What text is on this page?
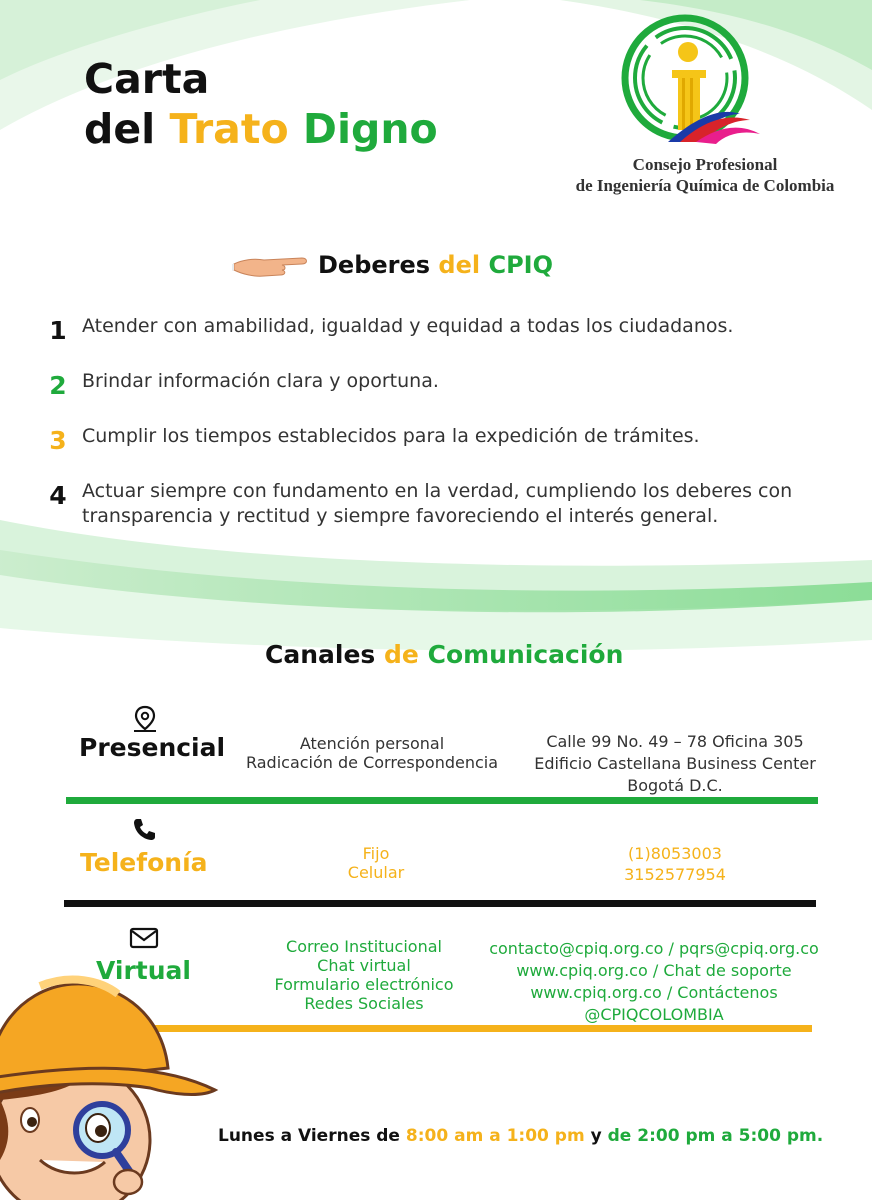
Carta
del Trato Digno
Consejo Profesional
de Ingeniería Química de Colombia
Deberes del CPIQ
1 Atender con amabilidad, igualdad y equidad a todas los ciudadanos.
2 Brindar información clara y oportuna.
3 Cumplir los tiempos establecidos para la expedición de trámites.
4 Actuar siempre con fundamento en la verdad, cumpliendo los deberes con transparencia y rectitud y siempre favoreciendo el interés general.
Canales de Comunicación
Presencial	Atención personal
Radicación de Correspondencia
Calle 99 No. 49 – 78 Oficina 305
Edificio Castellana Business Center
Bogotá D.C.
Telefonía	Fijo
Celular
(1)8053003
3152577954
Virtual
Correo Institucional
Chat virtual
Formulario electrónico
Redes Sociales
contacto@cpiq.org.co / pqrs@cpiq.org.co
www.cpiq.org.co / Chat de soporte
www.cpiq.org.co / Contáctenos
@CPIQCOLOMBIA
Lunes a Viernes de 8:00 am a 1:00 pm y de 2:00 pm a 5:00 pm.
